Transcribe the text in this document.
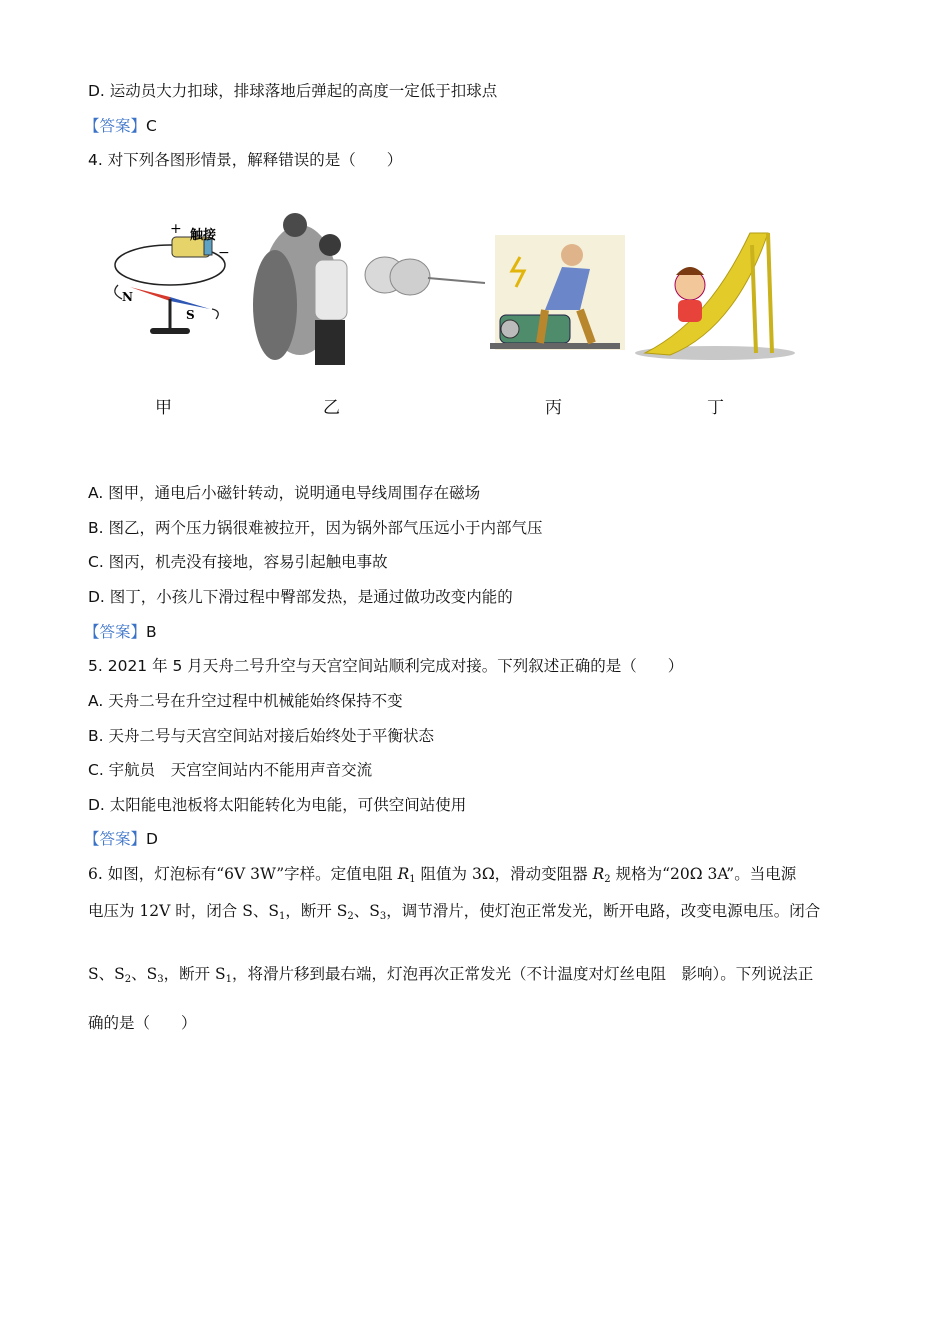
D. 运动员大力扣球，排球落地后弹起的高度一定低于扣球点
【答案】C
4. 对下列各图形情景，解释错误的是（　　）
+
−
触接
N
S
甲	乙	丙	丁
A. 图甲，通电后小磁针转动，说明通电导线周围存在磁场
B. 图乙，两个压力锅很难被拉开，因为锅外部气压远小于内部气压
C. 图丙，机壳没有接地，容易引起触电事故
D. 图丁，小孩儿下滑过程中臀部发热，是通过做功改变内能的
【答案】B
5. 2021 年 5 月天舟二号升空与天宫空间站顺利完成对接。下列叙述正确的是（　　）
A. 天舟二号在升空过程中机械能始终保持不变
B. 天舟二号与天宫空间站对接后始终处于平衡状态
C. 宇航员　天宫空间站内不能用声音交流
D. 太阳能电池板将太阳能转化为电能，可供空间站使用
【答案】D
6. 如图，灯泡标有“6V 3W”字样。定值电阻 $R_1$ 阻值为 3Ω，滑动变阻器 $R_2$ 规格为“20Ω 3A”。当电源
电压为 12V 时，闭合 S、$S_1$，断开 $S_2$、$S_3$，调节滑片，使灯泡正常发光，断开电路，改变电源电压。闭合
S、$S_2$、$S_3$，断开 $S_1$，将滑片移到最右端，灯泡再次正常发光（不计温度对灯丝电阻　影响）。下列说法正
确的是（　　）
